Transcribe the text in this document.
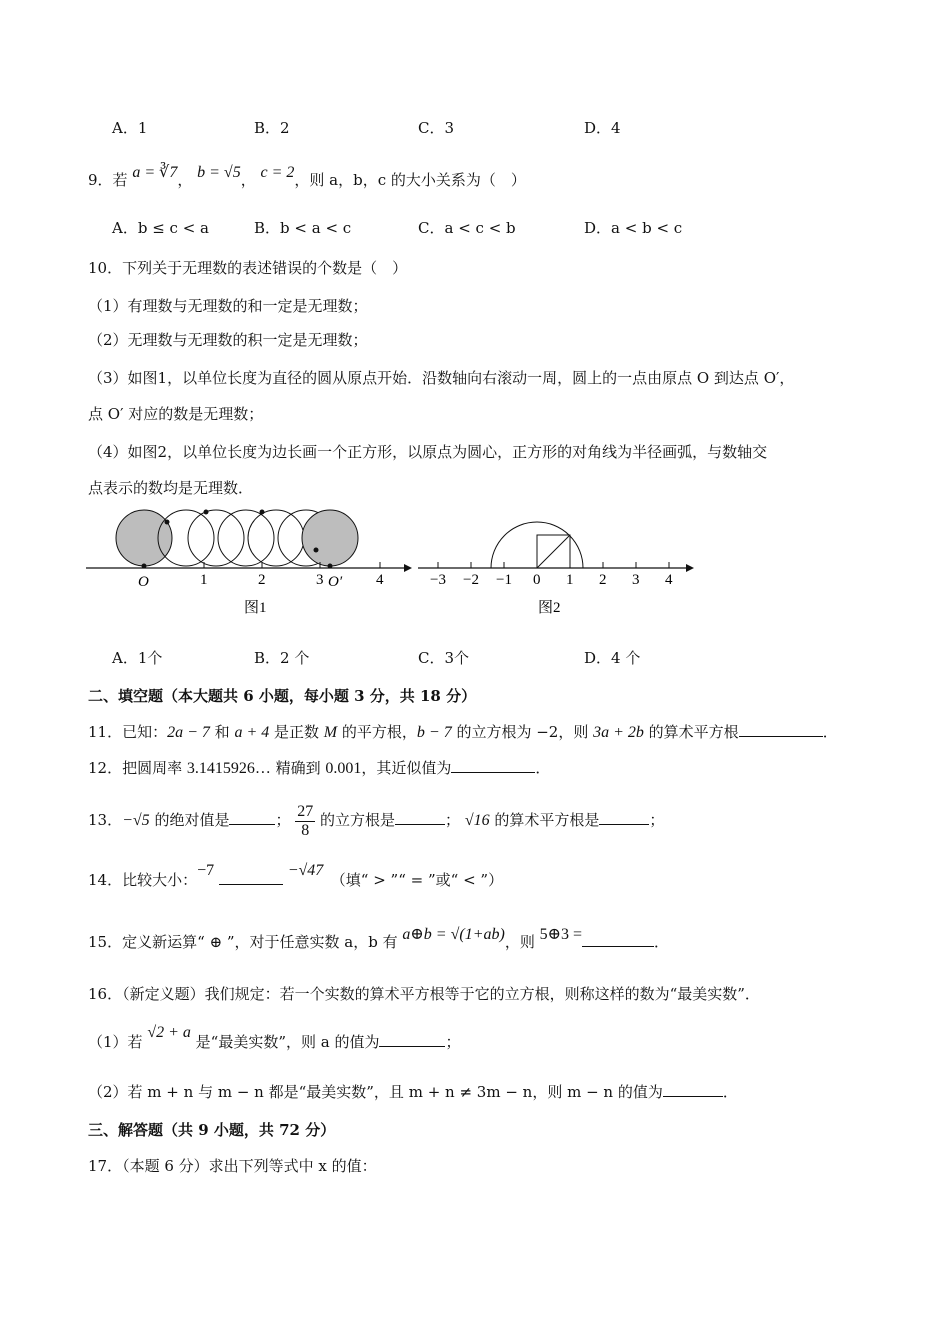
A．1	B．2	C．3	D．4
9．若 a = ∛7， b = √5， c = 2，则 a，b，c 的大小关系为（　）
A．b ≤ c < a	B．b < a < c	C．a < c < b	D．a < b < c
10．下列关于无理数的表述错误的个数是（　）
（1）有理数与无理数的和一定是无理数；
（2）无理数与无理数的积一定是无理数；
（3）如图1，以单位长度为直径的圆从原点开始．沿数轴向右滚动一周，圆上的一点由原点 O 到达点 O′，
点 O′ 对应的数是无理数；
（4）如图2，以单位长度为边长画一个正方形，以原点为圆心，正方形的对角线为半径画弧，与数轴交
点表示的数均是无理数．
O	1	2	3 O′ 4
图1
−3 −2 −1 0 1 2 3 4
图2
A．1个	B．2 个	C．3个	D．4 个
二、填空题（本大题共 6 小题，每小题 3 分，共 18 分）
11．已知：2a − 7 和 a + 4 是正数 M 的平方根，b − 7 的立方根为 −2，则 3a + 2b 的算术平方根	．
12．把圆周率 3.1415926… 精确到 0.001，其近似值为	．
13．−√5 的绝对值是	； $\frac{27}{8}$ 的立方根是	； √16 的算术平方根是	；
14．比较大小：−7	−√47　（填“ > ”“ = ”或“ < ”）
15．定义新运算“ ⊕ ”，对于任意实数 a，b 有 a⊕b = √(1+ab)，则 5⊕3 =	．
16．（新定义题）我们规定：若一个实数的算术平方根等于它的立方根，则称这样的数为“最美实数”．
（1）若 √2 + a 是“最美实数”，则 a 的值为	；
（2）若 m + n 与 m − n 都是“最美实数”，且 m + n ≠ 3m − n，则 m − n 的值为	．
三、解答题（共 9 小题，共 72 分）
17．（本题 6 分）求出下列等式中 x 的值：
